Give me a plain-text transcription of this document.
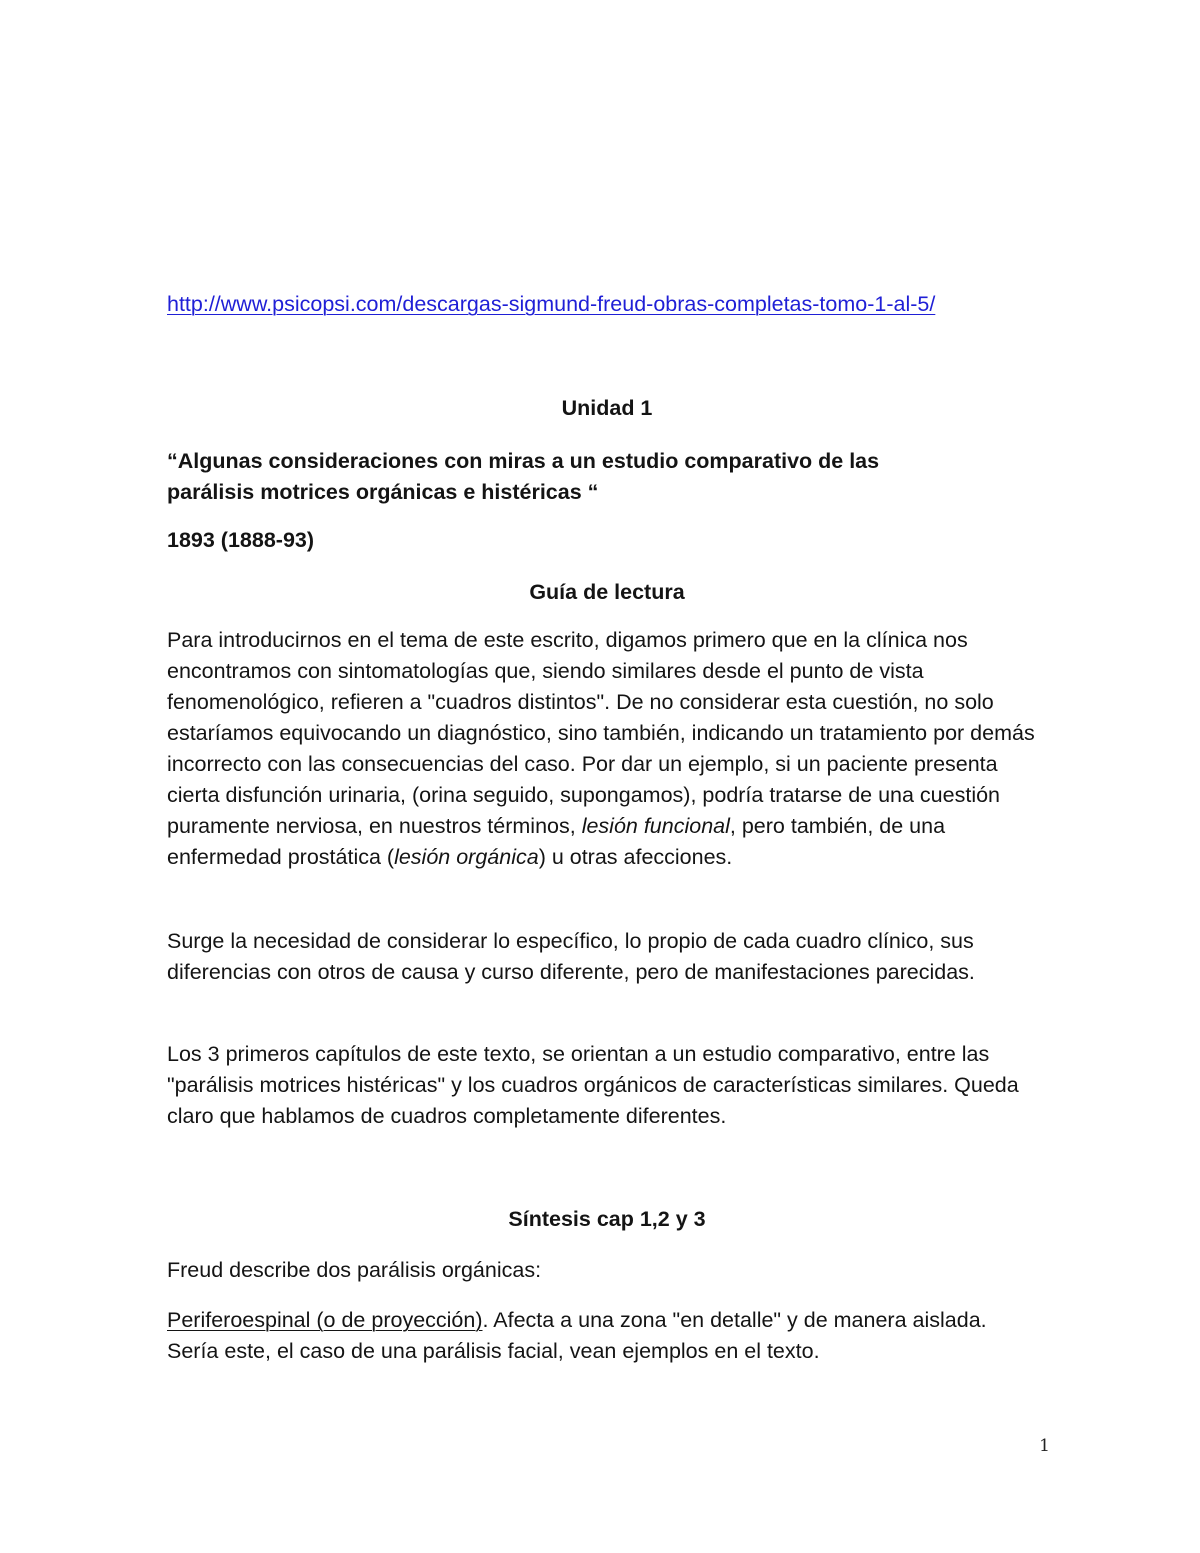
http://www.psicopsi.com/descargas-sigmund-freud-obras-completas-tomo-1-al-5/
Unidad 1
“Algunas consideraciones con miras a un estudio comparativo de las
parálisis motrices orgánicas e histéricas “
1893 (1888-93)
Guía de lectura
Para introducirnos en el tema de este escrito, digamos primero que en la clínica nos encontramos con sintomatologías que, siendo similares desde el punto de vista fenomenológico, refieren a "cuadros distintos". De no considerar esta cuestión, no solo estaríamos equivocando un diagnóstico, sino también, indicando un tratamiento por demás incorrecto con las consecuencias del caso. Por dar un ejemplo, si un paciente presenta cierta disfunción urinaria, (orina seguido, supongamos), podría tratarse de una cuestión puramente nerviosa, en nuestros términos, lesión funcional, pero también, de una enfermedad prostática (lesión orgánica) u otras afecciones.
Surge la necesidad de considerar lo específico, lo propio de cada cuadro clínico, sus diferencias con otros de causa y curso diferente, pero de manifestaciones parecidas.
Los 3 primeros capítulos de este texto, se orientan a un estudio comparativo, entre las "parálisis motrices histéricas" y los cuadros orgánicos de características similares. Queda claro que hablamos de cuadros completamente diferentes.
Síntesis cap 1,2 y 3
Freud describe dos parálisis orgánicas:
Periferoespinal (o de proyección). Afecta a una zona "en detalle" y de manera aislada. Sería este, el caso de una parálisis facial, vean ejemplos en el texto.
1
